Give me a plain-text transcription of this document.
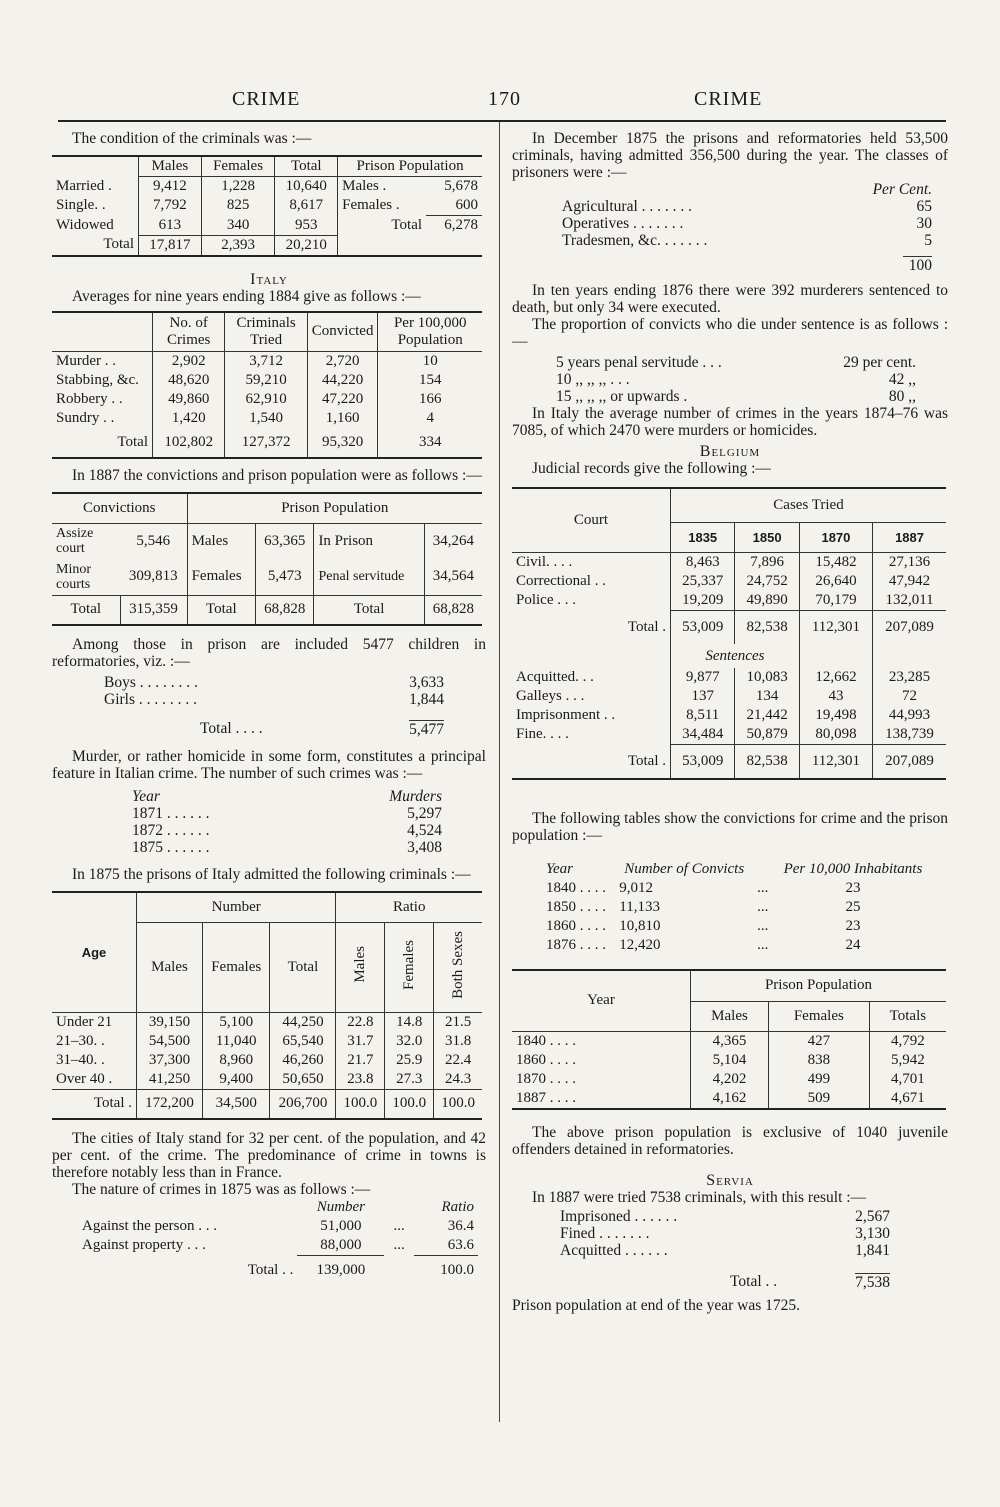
CRIME	170	CRIME

The condition of the criminals was :—

	Males	Females	Total	Prison Population	
Married .	9,412	1,228	10,640	Males .	5,678
Single. .	7,792	825	8,617	Females .	600
Widowed	613	340	953	Total	6,278
Total	17,817	2,393	20,210		
Italy

Averages for nine years ending 1884 give as follows :—

	No. of Crimes	Criminals Tried	Convicted	Per 100,000 Population
Murder . .	2,902	3,712	2,720	10
Stabbing, &c.	48,620	59,210	44,220	154
Robbery . .	49,860	62,910	47,220	166
Sundry . .	1,420	1,540	1,160	4
Total	102,802	127,372	95,320	334

In 1887 the convictions and prison population were as follows :—

Convictions		Prison Population			
Assize court	5,546	Males	63,365	In Prison	34,264
Minor courts	309,813	Females	5,473	Penal servitude	34,564
Total	315,359	Total	68,828	Total	68,828

Among those in prison are included 5477 children in reformatories, viz. :—

Boys . . . . . . . .	3,633
Girls . . . . . . . .	1,844
Total . . . .	5,477

Murder, or rather homicide in some form, constitutes a principal feature in Italian crime. The number of such crimes was :—

Year	Murders
1871 . . . . . .	5,297
1872 . . . . . .	4,524
1875 . . . . . .	3,408

In 1875 the prisons of Italy admitted the following criminals :—

Age	Number			Ratio		
	Males	Females	Total	Males	Females	Both Sexes
Under 21	39,150	5,100	44,250	22.8	14.8	21.5
21–30. .	54,500	11,040	65,540	31.7	32.0	31.8
31–40. .	37,300	8,960	46,260	21.7	25.9	22.4
Over 40 .	41,250	9,400	50,650	23.8	27.3	24.3
Total .	172,200	34,500	206,700	100.0	100.0	100.0

The cities of Italy stand for 32 per cent. of the population, and 42 per cent. of the crime. The predominance of crime in towns is therefore notably less than in France.

The nature of crimes in 1875 was as follows :—

	Number		Ratio
Against the person . . .	51,000	...	36.4
Against property . . .	88,000	...	63.6
Total . .	139,000		100.0

In December 1875 the prisons and reformatories held 53,500 criminals, having admitted 356,500 during the year. The classes of prisoners were :—

Per Cent.
Agricultural . . . . . . .	65
Operatives . . . . . . .	30
Tradesmen, &c. . . . . . .	5
100

In ten years ending 1876 there were 392 murderers sentenced to death, but only 34 were executed.

The proportion of convicts who die under sentence is as follows :—

5 years penal servitude . . .	29 per cent.
10 ,, ,, ,, . . .	42 ,,
15 ,, ,, ,, or upwards .	80 ,,

In Italy the average number of crimes in the years 1874–76 was 7085, of which 2470 were murders or homicides.

Belgium

Judicial records give the following :—

Court	Cases Tried			
	1835	1850	1870	1887
Civil. . . .	8,463	7,896	15,482	27,136
Correctional . .	25,337	24,752	26,640	47,942
Police . . .	19,209	49,890	70,179	132,011
Total .	53,009	82,538	112,301	207,089
	Sentences			
Acquitted. . .	9,877	10,083	12,662	23,285
Galleys . . .	137	134	43	72
Imprisonment . .	8,511	21,442	19,498	44,993
Fine. . . .	34,484	50,879	80,098	138,739
Total .	53,009	82,538	112,301	207,089

The following tables show the convictions for crime and the prison population :—

Year	Number of Convicts		Per 10,000 Inhabitants
1840 . . . .	9,012	...	23
1850 . . . .	11,133	...	25
1860 . . . .	10,810	...	23
1876 . . . .	12,420	...	24
Year	Prison Population		
	Males	Females	Totals
1840 . . . .	4,365	427	4,792
1860 . . . .	5,104	838	5,942
1870 . . . .	4,202	499	4,701
1887 . . . .	4,162	509	4,671

The above prison population is exclusive of 1040 juvenile offenders detained in reformatories.

Servia

In 1887 were tried 7538 criminals, with this result :—

Imprisoned . . . . . .	2,567
Fined . . . . . . .	3,130
Acquitted . . . . . .	1,841
Total . .	7,538

Prison population at end of the year was 1725.
